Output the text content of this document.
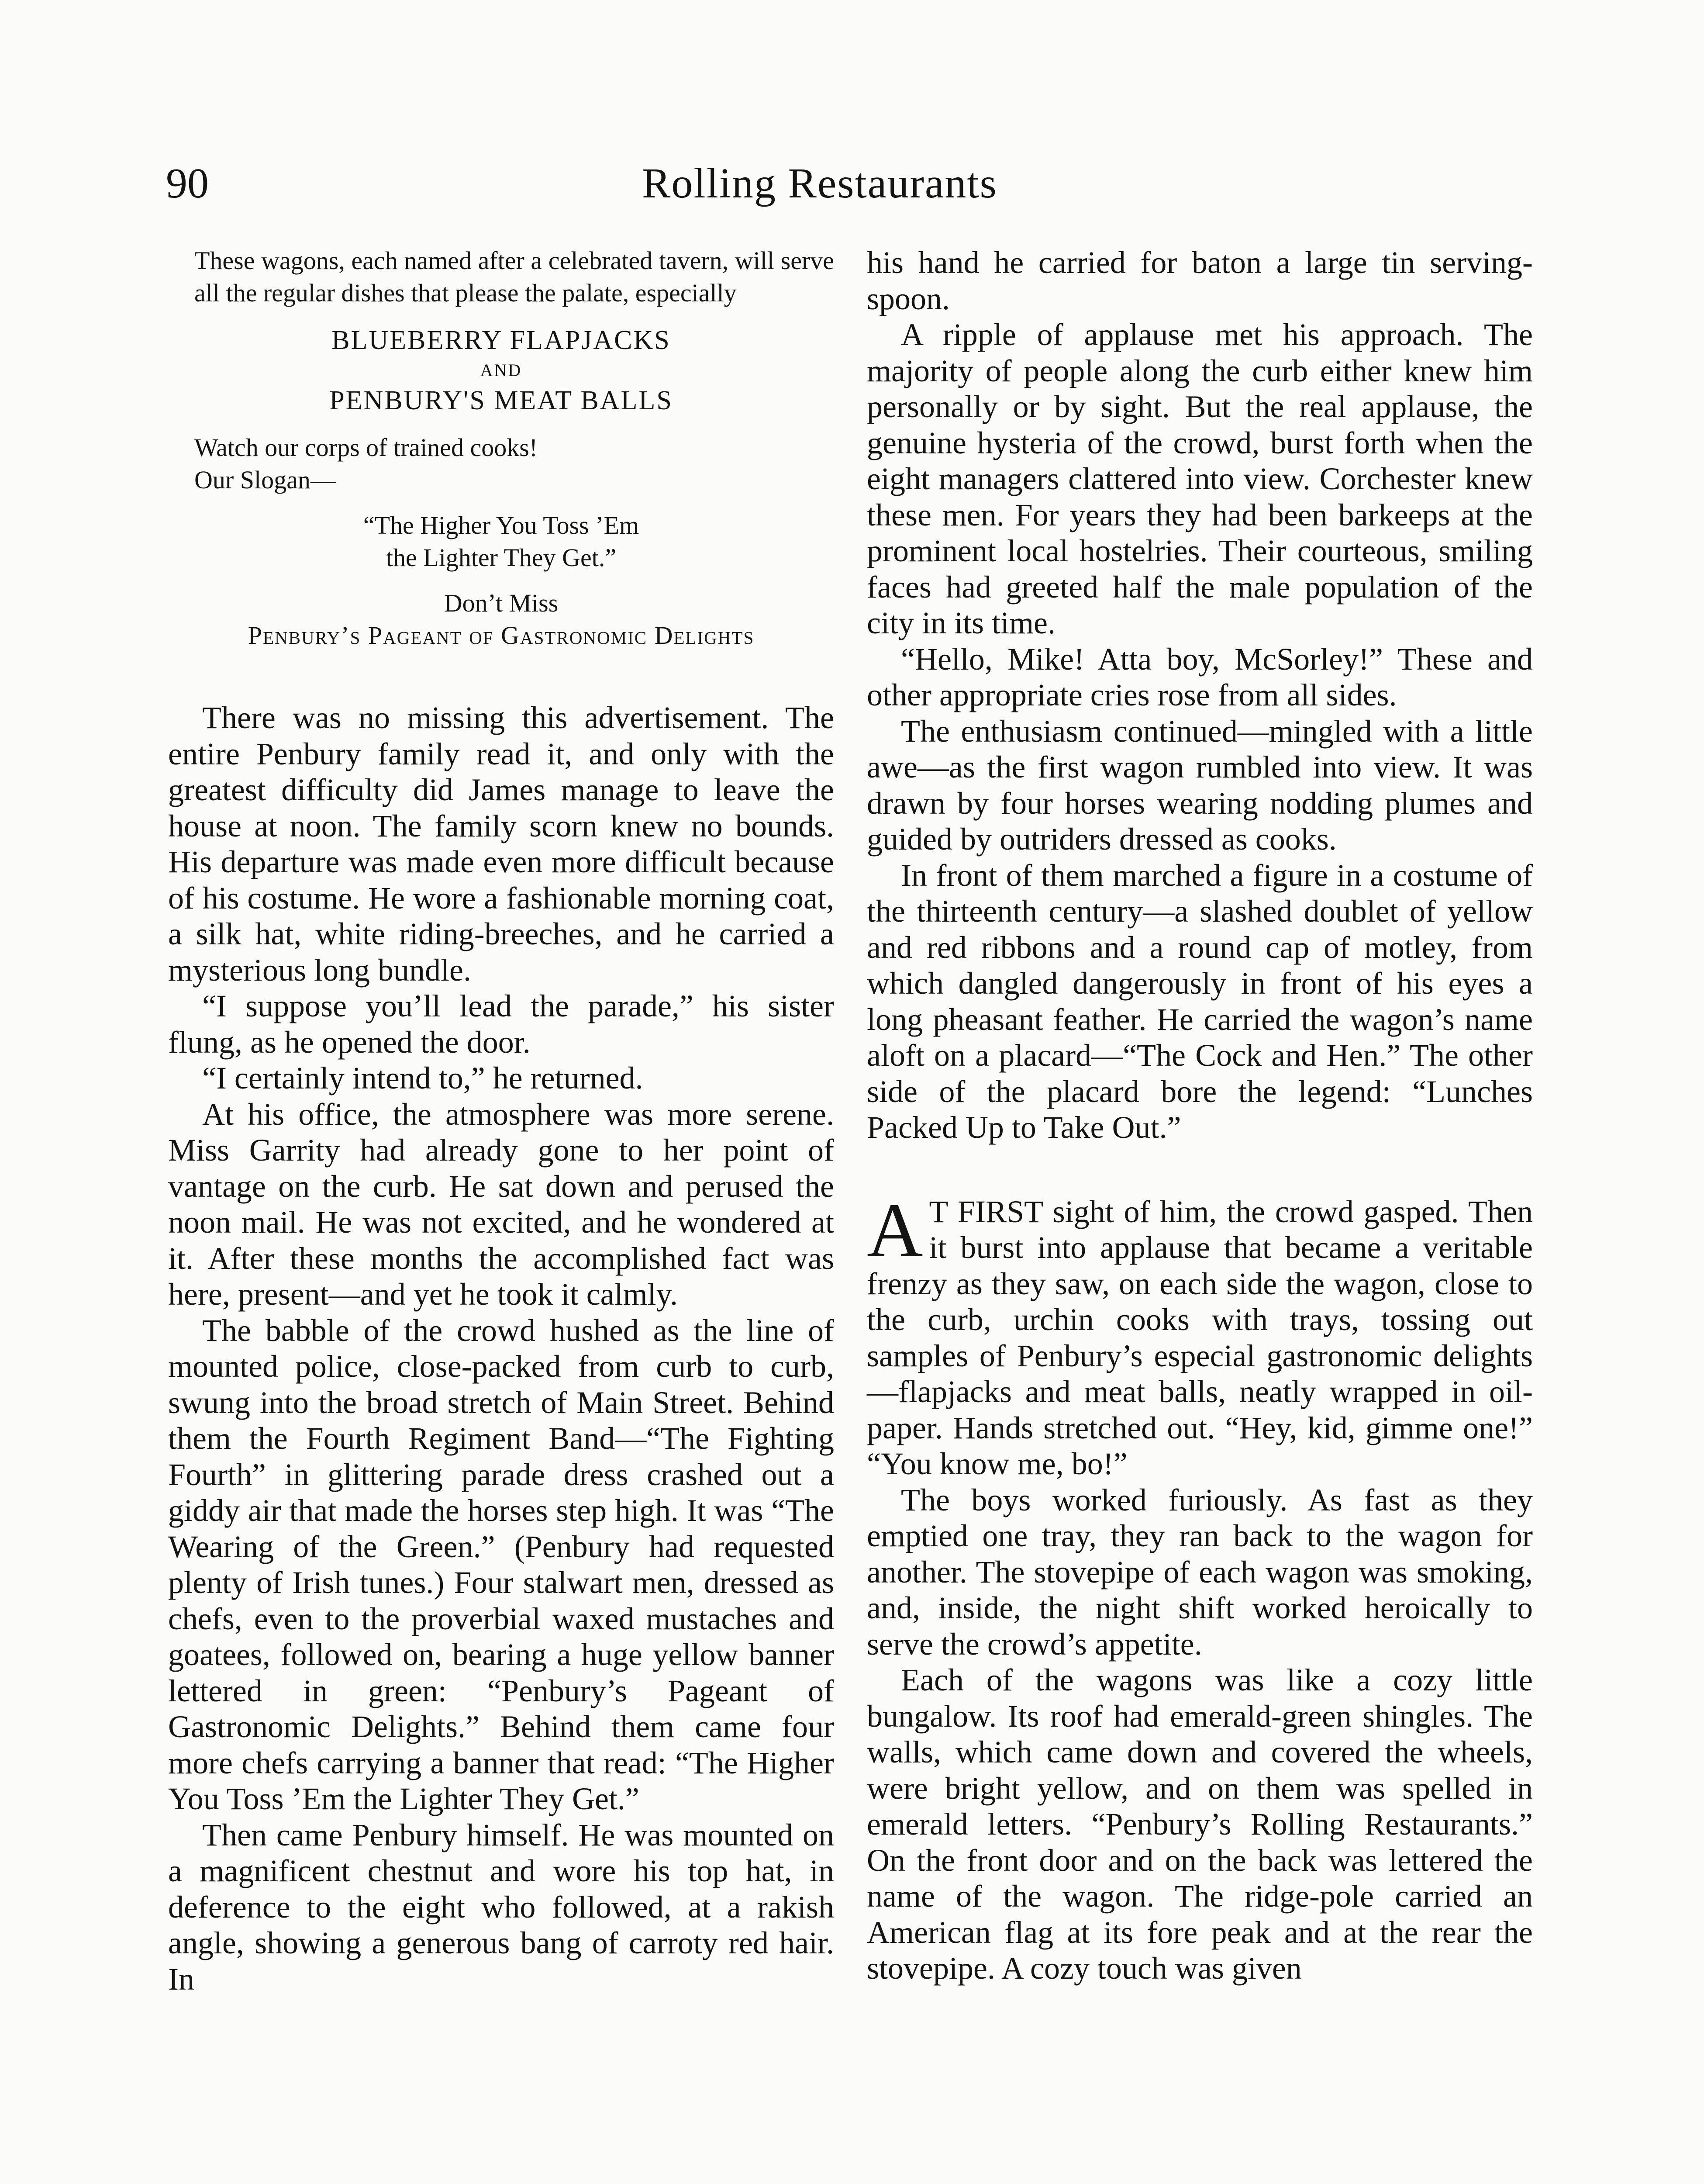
90	Rolling Restaurants

These wagons, each named after a celebrated tavern, will serve all the regular dishes that please the palate, especially

BLUEBERRY FLAPJACKS

AND

PENBURY'S MEAT BALLS

Watch our corps of trained cooks!

Our Slogan—

“The Higher You Toss ’Em

the Lighter They Get.”

Don’t Miss

Penbury’s Pageant of Gastronomic Delights

There was no missing this advertisement. The entire Penbury family read it, and only with the greatest difficulty did James manage to leave the house at noon. The family scorn knew no bounds. His departure was made even more difficult because of his costume. He wore a fashionable morning coat, a silk hat, white riding-breeches, and he carried a mysterious long bundle.

“I suppose you’ll lead the parade,” his sister flung, as he opened the door.

“I certainly intend to,” he returned.

At his office, the atmosphere was more serene. Miss Garrity had already gone to her point of vantage on the curb. He sat down and perused the noon mail. He was not excited, and he wondered at it. After these months the accomplished fact was here, present—and yet he took it calmly.

The babble of the crowd hushed as the line of mounted police, close-packed from curb to curb, swung into the broad stretch of Main Street. Behind them the Fourth Regiment Band—“The Fighting Fourth” in glittering parade dress crashed out a giddy air that made the horses step high. It was “The Wearing of the Green.” (Penbury had requested plenty of Irish tunes.) Four stalwart men, dressed as chefs, even to the proverbial waxed mustaches and goatees, followed on, bearing a huge yellow banner lettered in green: “Penbury’s Pageant of Gastronomic Delights.” Behind them came four more chefs carrying a banner that read: “The Higher You Toss ’Em the Lighter They Get.”

Then came Penbury himself. He was mounted on a magnificent chestnut and wore his top hat, in deference to the eight who followed, at a rakish angle, showing a generous bang of carroty red hair. In

his hand he carried for baton a large tin serving-spoon.

A ripple of applause met his approach. The majority of people along the curb either knew him personally or by sight. But the real applause, the genuine hysteria of the crowd, burst forth when the eight managers clattered into view. Corchester knew these men. For years they had been barkeeps at the prominent local hostelries. Their courteous, smiling faces had greeted half the male population of the city in its time.

“Hello, Mike! Atta boy, McSorley!” These and other appropriate cries rose from all sides.

The enthusiasm continued—mingled with a little awe—as the first wagon rumbled into view. It was drawn by four horses wearing nodding plumes and guided by outriders dressed as cooks.

In front of them marched a figure in a costume of the thirteenth century—a slashed doublet of yellow and red ribbons and a round cap of motley, from which dangled dangerously in front of his eyes a long pheasant feather. He carried the wagon’s name aloft on a placard—“The Cock and Hen.” The other side of the placard bore the legend: “Lunches Packed Up to Take Out.”

A T FIRST sight of him, the crowd gasped. Then it burst into applause that became a veritable frenzy as they saw, on each side the wagon, close to the curb, urchin cooks with trays, tossing out samples of Penbury’s especial gastronomic delights—flapjacks and meat balls, neatly wrapped in oil-paper. Hands stretched out. “Hey, kid, gimme one!” “You know me, bo!”

The boys worked furiously. As fast as they emptied one tray, they ran back to the wagon for another. The stovepipe of each wagon was smoking, and, inside, the night shift worked heroically to serve the crowd’s appetite.

Each of the wagons was like a cozy little bungalow. Its roof had emerald-green shingles. The walls, which came down and covered the wheels, were bright yellow, and on them was spelled in emerald letters. “Penbury’s Rolling Restaurants.” On the front door and on the back was lettered the name of the wagon. The ridge-pole carried an American flag at its fore peak and at the rear the stovepipe. A cozy touch was given
